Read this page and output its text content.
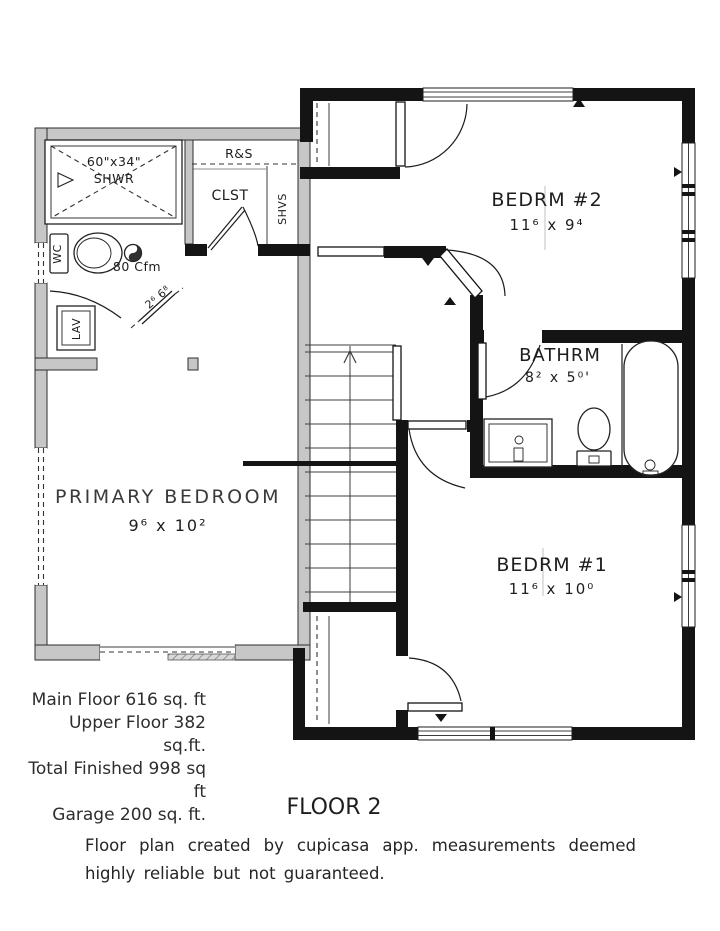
60"x34"
SHWR
WC
80 Cfm
LAV
2⁶ 6⁸
R&S
CLST SHVS	BEDRM #2
11⁶ x 9⁴
BATHRM
8² x 5⁰'
BEDRM #1
11⁶ x 10⁰
PRIMARY BEDROOM
9⁶ x 10²
Main Floor 616 sq. ft
Upper Floor 382 sq.ft.
Total Finished 998 sq ft
Garage 200 sq. ft.	FLOOR 2
Floor plan created by cupicasa app. measurements deemed highly reliable but not guaranteed.
